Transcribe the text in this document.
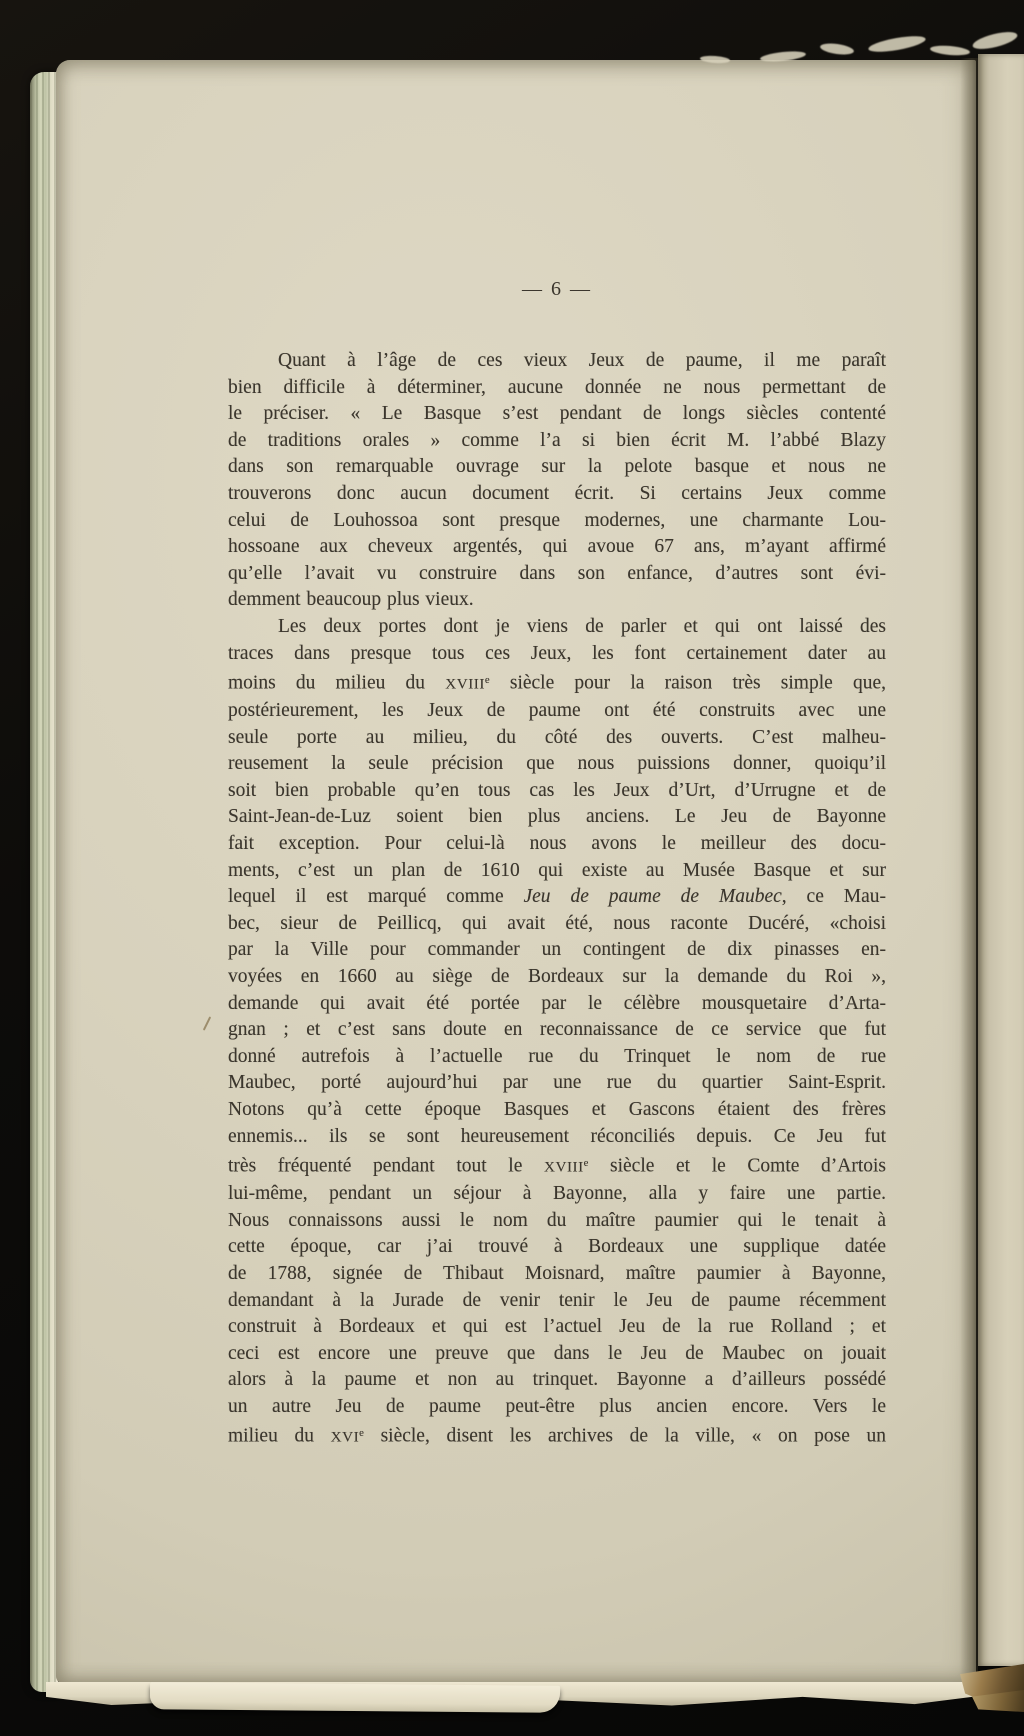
— 6 —
Quant à l’âge de ces vieux Jeux de paume, il me paraît
bien difficile à déterminer, aucune donnée ne nous permettant de
le préciser. « Le Basque s’est pendant de longs siècles contenté
de traditions orales » comme l’a si bien écrit M. l’abbé Blazy
dans son remarquable ouvrage sur la pelote basque et nous ne
trouverons donc aucun document écrit. Si certains Jeux comme
celui de Louhossoa sont presque modernes, une charmante Lou-
hossoane aux cheveux argentés, qui avoue 67 ans, m’ayant affirmé
qu’elle l’avait vu construire dans son enfance, d’autres sont évi-
demment beaucoup plus vieux.
Les deux portes dont je viens de parler et qui ont laissé des
traces dans presque tous ces Jeux, les font certainement dater au
moins du milieu du XVIIIe siècle pour la raison très simple que,
postérieurement, les Jeux de paume ont été construits avec une
seule porte au milieu, du côté des ouverts. C’est malheu-
reusement la seule précision que nous puissions donner, quoiqu’il
soit bien probable qu’en tous cas les Jeux d’Urt, d’Urrugne et de
Saint-Jean-de-Luz soient bien plus anciens. Le Jeu de Bayonne
fait exception. Pour celui-là nous avons le meilleur des docu-
ments, c’est un plan de 1610 qui existe au Musée Basque et sur
lequel il est marqué comme Jeu de paume de Maubec, ce Mau-
bec, sieur de Peillicq, qui avait été, nous raconte Ducéré, «choisi
par la Ville pour commander un contingent de dix pinasses en-
voyées en 1660 au siège de Bordeaux sur la demande du Roi »,
demande qui avait été portée par le célèbre mousquetaire d’Arta-
gnan ; et c’est sans doute en reconnaissance de ce service que fut
donné autrefois à l’actuelle rue du Trinquet le nom de rue
Maubec, porté aujourd’hui par une rue du quartier Saint-Esprit.
Notons qu’à cette époque Basques et Gascons étaient des frères
ennemis... ils se sont heureusement réconciliés depuis. Ce Jeu fut
très fréquenté pendant tout le XVIIIe siècle et le Comte d’Artois
lui-même, pendant un séjour à Bayonne, alla y faire une partie.
Nous connaissons aussi le nom du maître paumier qui le tenait à
cette époque, car j’ai trouvé à Bordeaux une supplique datée
de 1788, signée de Thibaut Moisnard, maître paumier à Bayonne,
demandant à la Jurade de venir tenir le Jeu de paume récemment
construit à Bordeaux et qui est l’actuel Jeu de la rue Rolland ; et
ceci est encore une preuve que dans le Jeu de Maubec on jouait
alors à la paume et non au trinquet. Bayonne a d’ailleurs possédé
un autre Jeu de paume peut-être plus ancien encore. Vers le
milieu du XVIe siècle, disent les archives de la ville, « on pose un
